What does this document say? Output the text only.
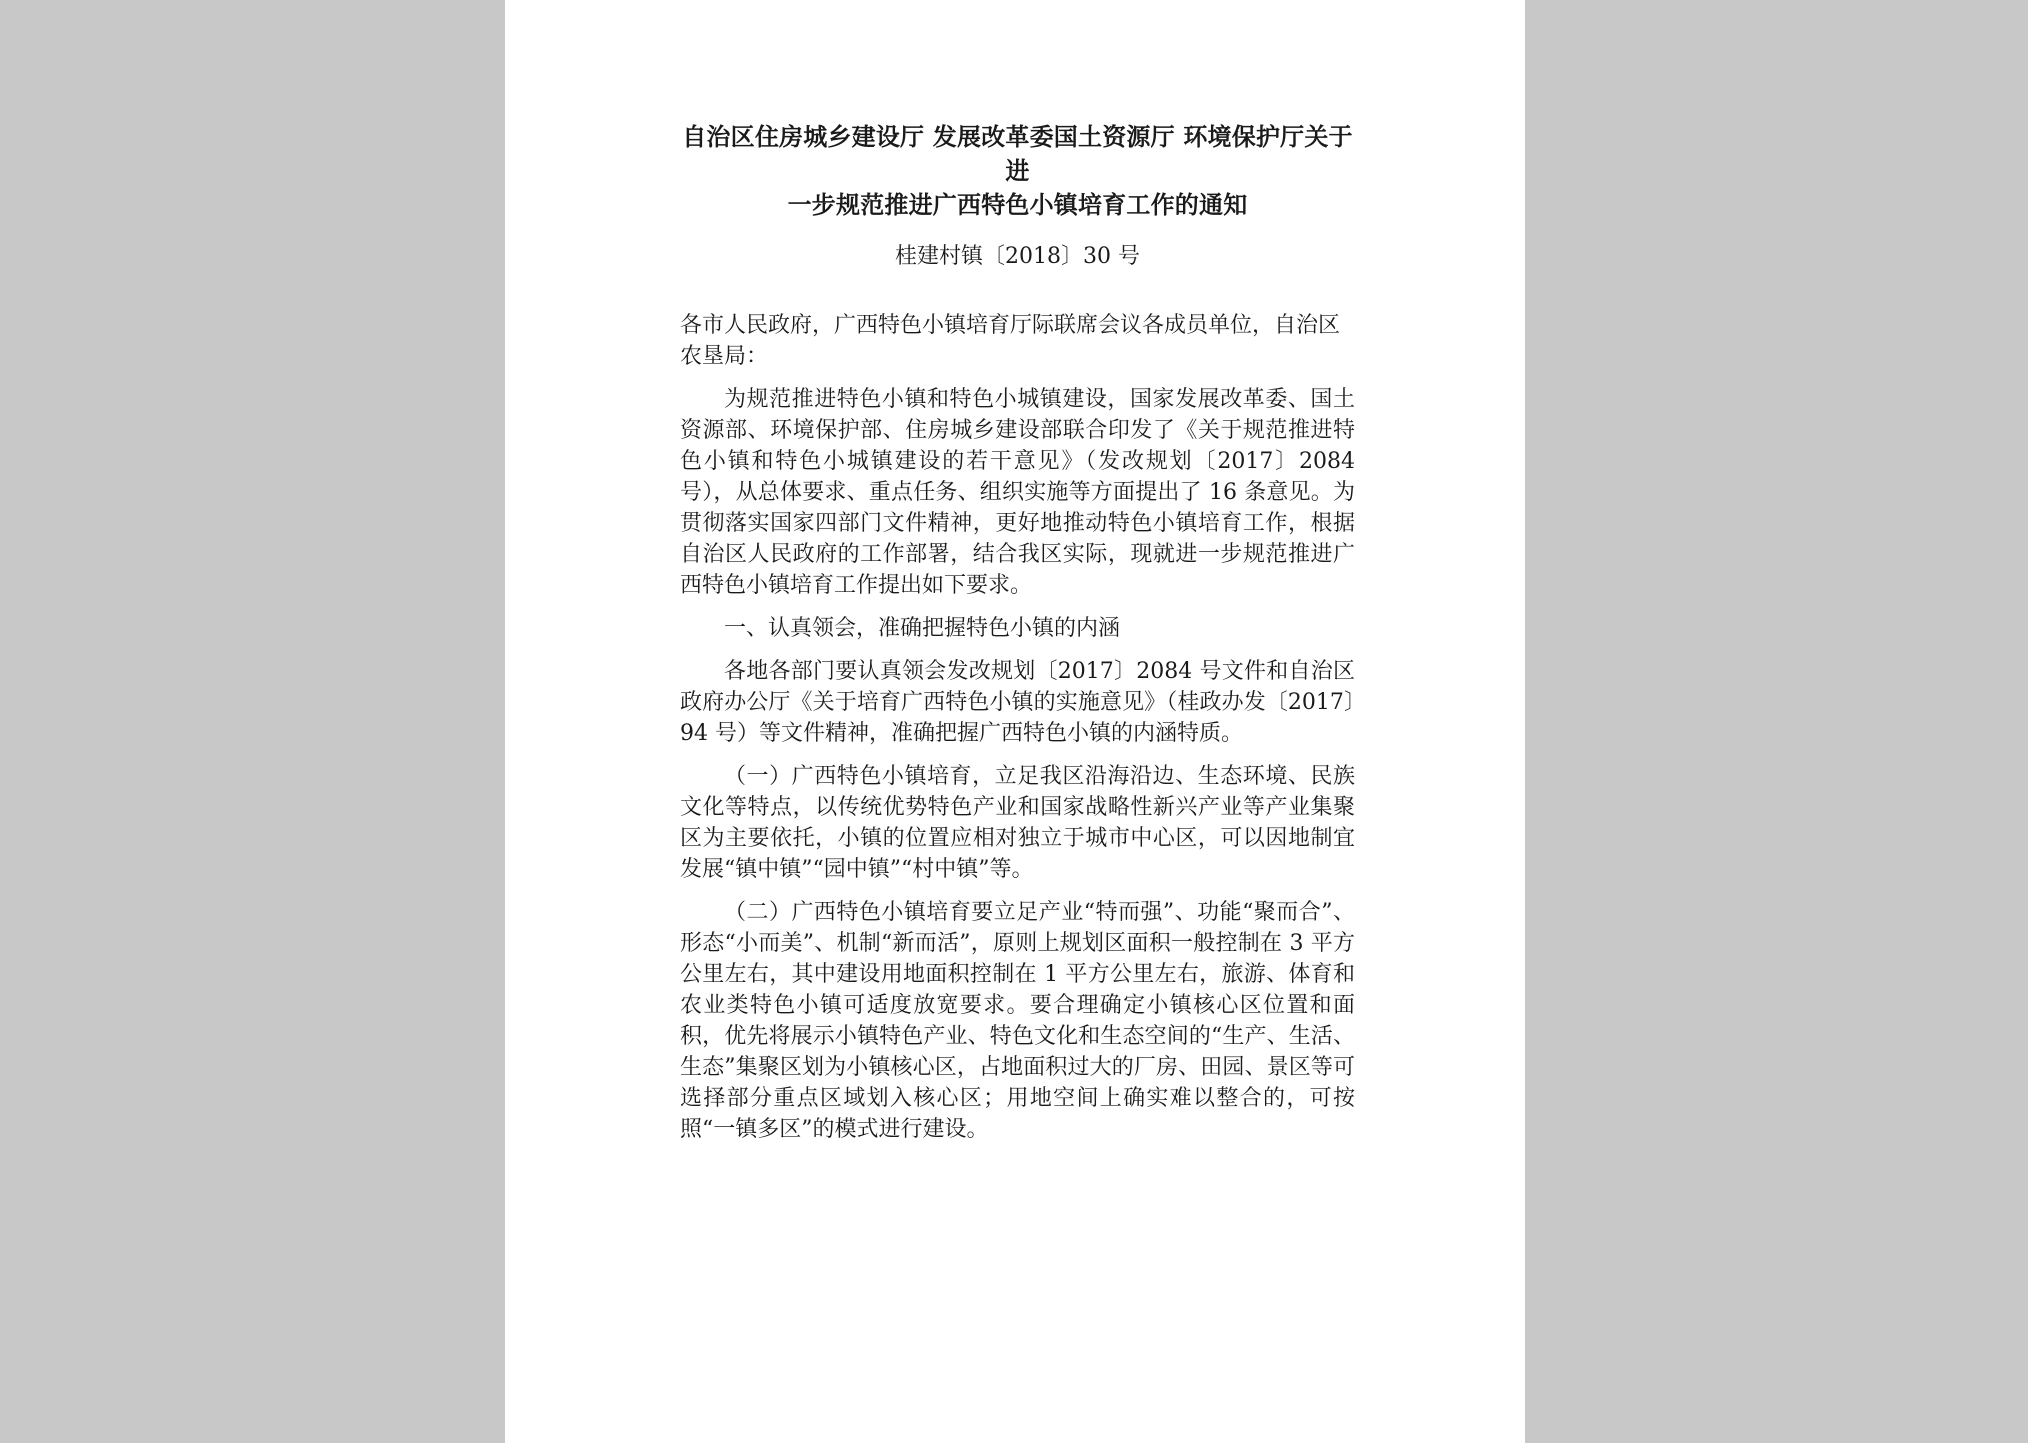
自治区住房城乡建设厅 发展改革委国土资源厅 环境保护厅关于进
一步规范推进广西特色小镇培育工作的通知
桂建村镇〔2018〕30 号

各市人民政府，广西特色小镇培育厅际联席会议各成员单位，自治区农垦局：

为规范推进特色小镇和特色小城镇建设，国家发展改革委、国土资源部、环境保护部、住房城乡建设部联合印发了《关于规范推进特色小镇和特色小城镇建设的若干意见》（发改规划〔2017〕2084 号），从总体要求、重点任务、组织实施等方面提出了 16 条意见。为贯彻落实国家四部门文件精神，更好地推动特色小镇培育工作，根据自治区人民政府的工作部署，结合我区实际，现就进一步规范推进广西特色小镇培育工作提出如下要求。

一、认真领会，准确把握特色小镇的内涵

各地各部门要认真领会发改规划〔2017〕2084 号文件和自治区政府办公厅《关于培育广西特色小镇的实施意见》（桂政办发〔2017〕94 号）等文件精神，准确把握广西特色小镇的内涵特质。

（一）广西特色小镇培育，立足我区沿海沿边、生态环境、民族文化等特点，以传统优势特色产业和国家战略性新兴产业等产业集聚区为主要依托，小镇的位置应相对独立于城市中心区，可以因地制宜发展“镇中镇”“园中镇”“村中镇”等。

（二）广西特色小镇培育要立足产业“特而强”、功能“聚而合”、形态“小而美”、机制“新而活”，原则上规划区面积一般控制在 3 平方公里左右，其中建设用地面积控制在 1 平方公里左右，旅游、体育和农业类特色小镇可适度放宽要求。要合理确定小镇核心区位置和面积，优先将展示小镇特色产业、特色文化和生态空间的“生产、生活、生态”集聚区划为小镇核心区，占地面积过大的厂房、田园、景区等可选择部分重点区域划入核心区；用地空间上确实难以整合的，可按照“一镇多区”的模式进行建设。
